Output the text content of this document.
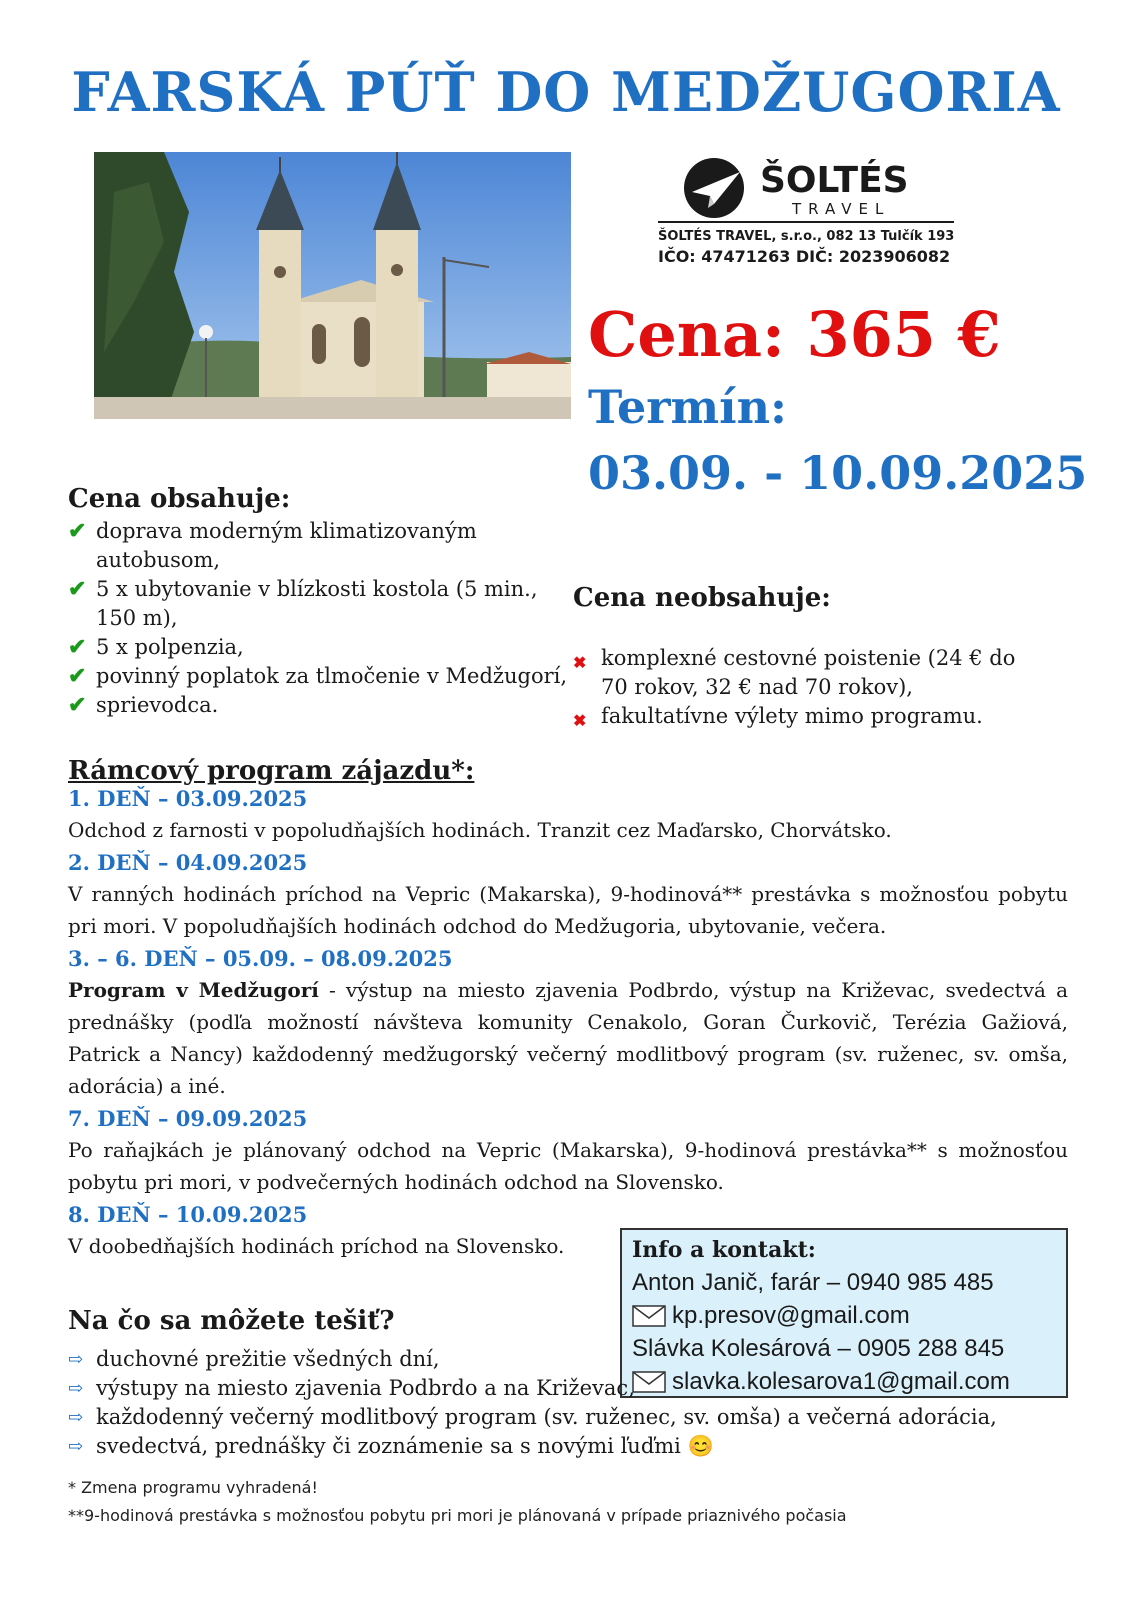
FARSKÁ PÚŤ DO MEDŽUGORIA
ŠOLTÉS
TRAVEL
ŠOLTÉS TRAVEL, s.r.o., 082 13 Tulčík 193
IČO: 47471263 DIČ: 2023906082
Cena: 365 €
Termín:
03.09. - 10.09.2025
Cena obsahuje:
✔ doprava moderným klimatizovaným autobusom,
✔ 5 x ubytovanie v blízkosti kostola (5 min., 150 m),
✔ 5 x polpenzia,
✔ povinný poplatok za tlmočenie v Medžugorí,
✔ sprievodca.
Cena neobsahuje:
✖ komplexné cestovné poistenie (24 € do 70 rokov, 32 € nad 70 rokov),
✖ fakultatívne výlety mimo programu.
Rámcový program zájazdu*:
1. DEŇ – 03.09.2025
Odchod z farnosti v popoludňajších hodinách. Tranzit cez Maďarsko, Chorvátsko.
2. DEŇ – 04.09.2025
V ranných hodinách príchod na Vepric (Makarska), 9-hodinová** prestávka s možnosťou pobytu pri mori. V popoludňajších hodinách odchod do Medžugoria, ubytovanie, večera.
3. – 6. DEŇ – 05.09. – 08.09.2025
Program v Medžugorí - výstup na miesto zjavenia Podbrdo, výstup na Križevac, svedectvá a prednášky (podľa možností návšteva komunity Cenakolo, Goran Čurkovič, Terézia Gažiová, Patrick a Nancy) každodenný medžugorský večerný modlitbový program (sv. ruženec, sv. omša, adorácia) a iné.
7. DEŇ – 09.09.2025
Po raňajkách je plánovaný odchod na Vepric (Makarska), 9-hodinová prestávka** s možnosťou pobytu pri mori, v podvečerných hodinách odchod na Slovensko.
8. DEŇ – 10.09.2025
V doobedňajších hodinách príchod na Slovensko.	Info a kontakt:
Anton Janič, farár – 0940 985 485
kp.presov@gmail.com
Slávka Kolesárová – 0905 288 845
slavka.kolesarova1@gmail.com
Na čo sa môžete tešiť?
⇨ duchovné prežitie všedných dní,
⇨ výstupy na miesto zjavenia Podbrdo a na Križevac,
⇨ každodenný večerný modlitbový program (sv. ruženec, sv. omša) a večerná adorácia,
⇨ svedectvá, prednášky či zoznámenie sa s novými ľuďmi 😊
* Zmena programu vyhradená!
**9-hodinová prestávka s možnosťou pobytu pri mori je plánovaná v prípade priaznivého počasia
